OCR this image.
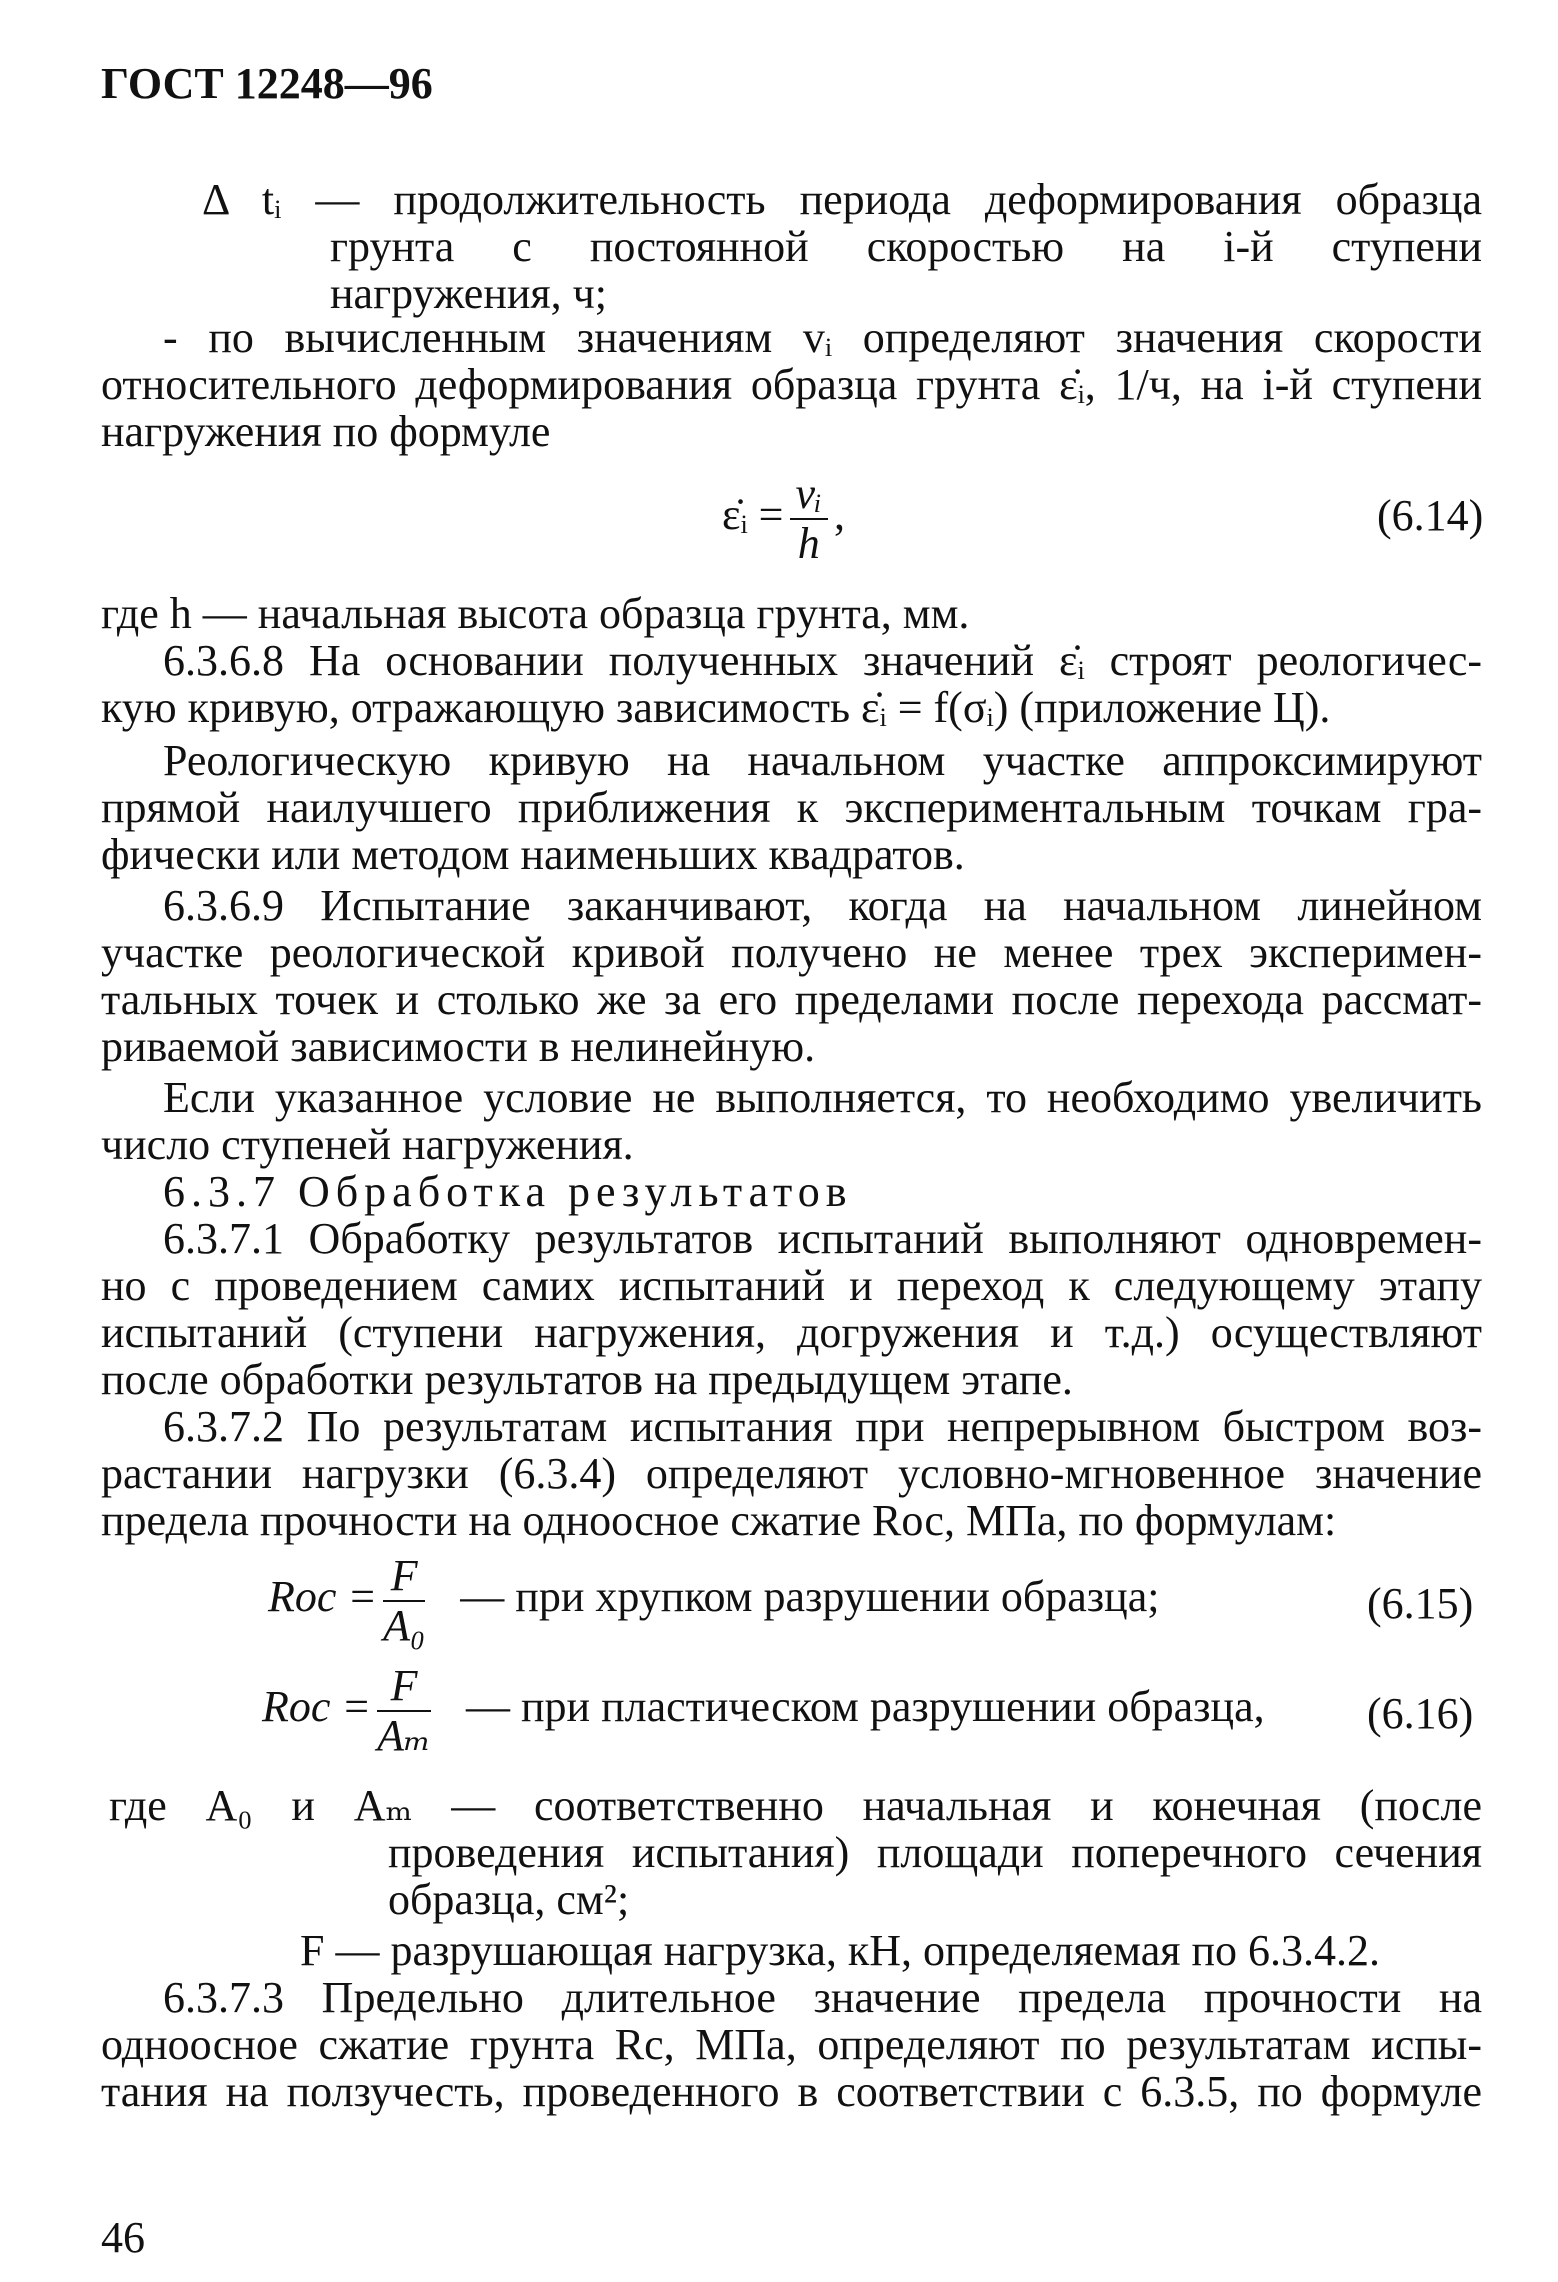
ГОСТ 12248—96
Δ tᵢ — продолжительность периода деформирования образца
грунта с постоянной скоростью на i-й ступени
нагружения, ч;
- по вычисленным значениям vᵢ определяют значения скорости
относительного деформирования образца грунта ε̇ᵢ, 1/ч, на i-й ступени
нагружения по формуле
ε̇ᵢ = $\frac{\text{vᵢ}}{h}$ ,	(6.14)
где h — начальная высота образца грунта, мм.
6.3.6.8 На основании полученных значений ε̇ᵢ строят реологичес-
кую кривую, отражающую зависимость ε̇ᵢ = f(σᵢ) (приложение Ц).
Реологическую кривую на начальном участке аппроксимируют
прямой наилучшего приближения к экспериментальным точкам гра-
фически или методом наименьших квадратов.
6.3.6.9 Испытание заканчивают, когда на начальном линейном
участке реологической кривой получено не менее трех эксперимен-
тальных точек и столько же за его пределами после перехода рассмат-
риваемой зависимости в нелинейную.
Если указанное условие не выполняется, то необходимо увеличить
число ступеней нагружения.
6.3.7 Обработка результатов
6.3.7.1 Обработку результатов испытаний выполняют одновремен-
но с проведением самих испытаний и переход к следующему этапу
испытаний (ступени нагружения, догружения и т.д.) осуществляют
после обработки результатов на предыдущем этапе.
6.3.7.2 По результатам испытания при непрерывном быстром воз-
растании нагрузки (6.3.4) определяют условно-мгновенное значение
предела прочности на одноосное сжатие Rос, МПа, по формулам:
Rос = $\frac{F}{\text{A₀}}$ — при хрупком разрушении образца;	(6.15)
Rос = $\frac{F}{\text{Aₘ}}$ — при пластическом разрушении образца, (6.16)
где A₀ и Aₘ — соответственно начальная и конечная (после
проведения испытания) площади поперечного сечения
образца, см²;
F — разрушающая нагрузка, кН, определяемая по 6.3.4.2.
6.3.7.3 Предельно длительное значение предела прочности на
одноосное сжатие грунта Rс, МПа, определяют по результатам испы-
тания на ползучесть, проведенного в соответствии с 6.3.5, по формуле
46
